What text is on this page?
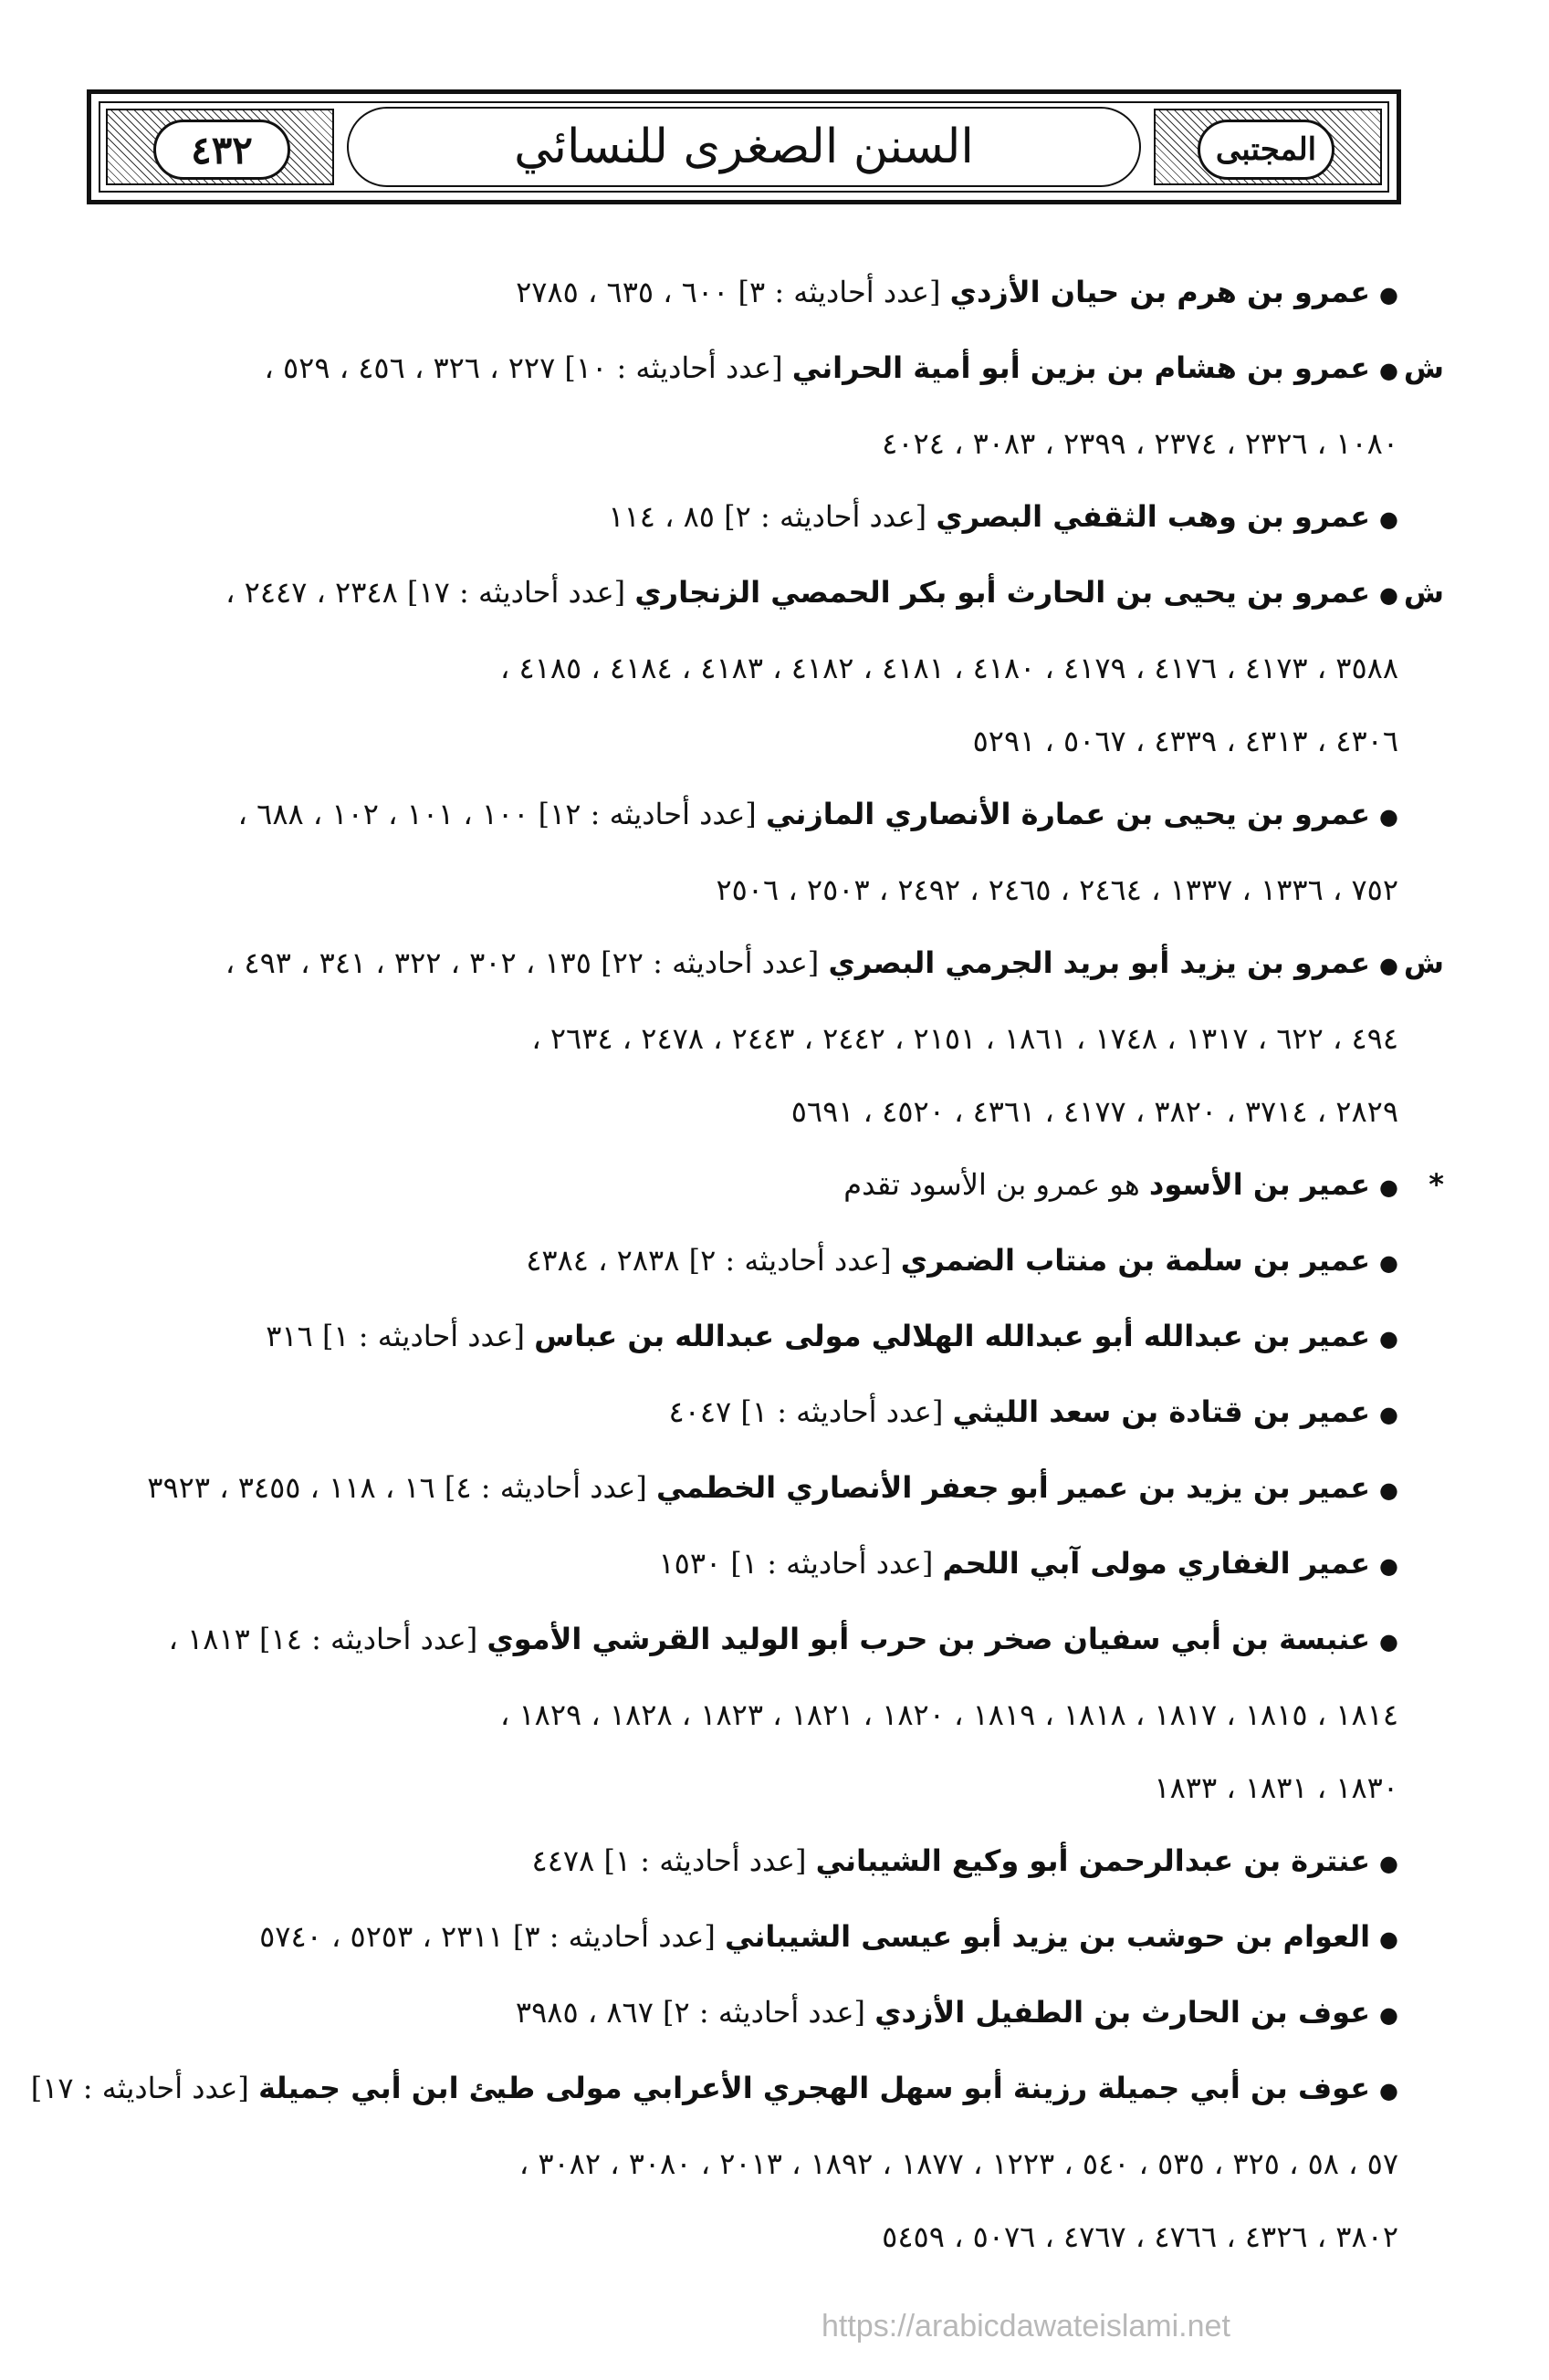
٤٣٢	السنن الصغرى للنسائي	المجتبى
●عمرو بن هرم بن حيان الأزدي [عدد أحاديثه : ٣] ٦٠٠ ، ٦٣٥ ، ٢٧٨٥
ش
●عمرو بن هشام بن بزين أبو أمية الحراني [عدد أحاديثه : ١٠] ٢٢٧ ، ٣٢٦ ، ٤٥٦ ، ٥٢٩ ،
١٠٨٠ ، ٢٣٢٦ ، ٢٣٧٤ ، ٢٣٩٩ ، ٣٠٨٣ ، ٤٠٢٤
●عمرو بن وهب الثقفي البصري [عدد أحاديثه : ٢] ٨٥ ، ١١٤
ش
●عمرو بن يحيى بن الحارث أبو بكر الحمصي الزنجاري [عدد أحاديثه : ١٧] ٢٣٤٨ ، ٢٤٤٧ ،
٣٥٨٨ ، ٤١٧٣ ، ٤١٧٦ ، ٤١٧٩ ، ٤١٨٠ ، ٤١٨١ ، ٤١٨٢ ، ٤١٨٣ ، ٤١٨٤ ، ٤١٨٥ ،
٤٣٠٦ ، ٤٣١٣ ، ٤٣٣٩ ، ٥٠٦٧ ، ٥٢٩١
●عمرو بن يحيى بن عمارة الأنصاري المازني [عدد أحاديثه : ١٢] ١٠٠ ، ١٠١ ، ١٠٢ ، ٦٨٨ ،
٧٥٢ ، ١٣٣٦ ، ١٣٣٧ ، ٢٤٦٤ ، ٢٤٦٥ ، ٢٤٩٢ ، ٢٥٠٣ ، ٢٥٠٦
ش
●عمرو بن يزيد أبو بريد الجرمي البصري [عدد أحاديثه : ٢٢] ١٣٥ ، ٣٠٢ ، ٣٢٢ ، ٣٤١ ، ٤٩٣ ،
٤٩٤ ، ٦٢٢ ، ١٣١٧ ، ١٧٤٨ ، ١٨٦١ ، ٢١٥١ ، ٢٤٤٢ ، ٢٤٤٣ ، ٢٤٧٨ ، ٢٦٣٤ ،
٢٨٢٩ ، ٣٧١٤ ، ٣٨٢٠ ، ٤١٧٧ ، ٤٣٦١ ، ٤٥٢٠ ، ٥٦٩١
*
●عمير بن الأسود هو عمرو بن الأسود تقدم
●عمير بن سلمة بن منتاب الضمري [عدد أحاديثه : ٢] ٢٨٣٨ ، ٤٣٨٤
●عمير بن عبدالله أبو عبدالله الهلالي مولى عبدالله بن عباس [عدد أحاديثه : ١] ٣١٦
●عمير بن قتادة بن سعد الليثي [عدد أحاديثه : ١] ٤٠٤٧
●عمير بن يزيد بن عمير أبو جعفر الأنصاري الخطمي [عدد أحاديثه : ٤] ١٦ ، ١١٨ ، ٣٤٥٥ ، ٣٩٢٣
●عمير الغفاري مولى آبي اللحم [عدد أحاديثه : ١] ١٥٣٠
●عنبسة بن أبي سفيان صخر بن حرب أبو الوليد القرشي الأموي [عدد أحاديثه : ١٤] ١٨١٣ ،
١٨١٤ ، ١٨١٥ ، ١٨١٧ ، ١٨١٨ ، ١٨١٩ ، ١٨٢٠ ، ١٨٢١ ، ١٨٢٣ ، ١٨٢٨ ، ١٨٢٩ ،
١٨٣٠ ، ١٨٣١ ، ١٨٣٣
●عنترة بن عبدالرحمن أبو وكيع الشيباني [عدد أحاديثه : ١] ٤٤٧٨
●العوام بن حوشب بن يزيد أبو عيسى الشيباني [عدد أحاديثه : ٣] ٢٣١١ ، ٥٢٥٣ ، ٥٧٤٠
●عوف بن الحارث بن الطفيل الأزدي [عدد أحاديثه : ٢] ٨٦٧ ، ٣٩٨٥
●عوف بن أبي جميلة رزينة أبو سهل الهجري الأعرابي مولى طيئ ابن أبي جميلة [عدد أحاديثه : ١٧]
٥٧ ، ٥٨ ، ٣٢٥ ، ٥٣٥ ، ٥٤٠ ، ١٢٢٣ ، ١٨٧٧ ، ١٨٩٢ ، ٢٠١٣ ، ٣٠٨٠ ، ٣٠٨٢ ،
٣٨٠٢ ، ٤٣٢٦ ، ٤٧٦٦ ، ٤٧٦٧ ، ٥٠٧٦ ، ٥٤٥٩
https://arabicdawateislami.net
